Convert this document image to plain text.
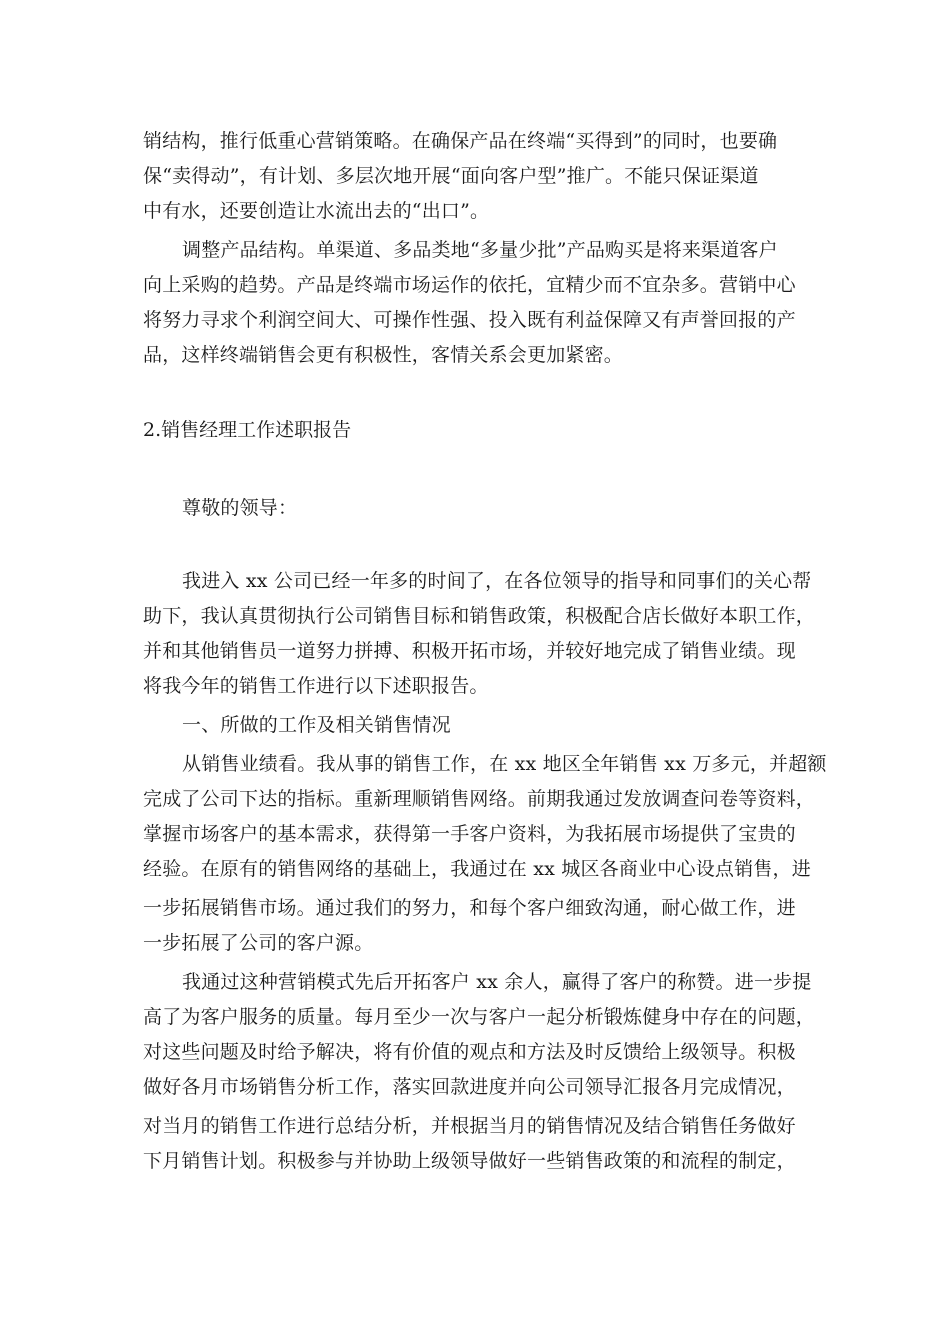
销结构，推行低重心营销策略。在确保产品在终端“买得到”的同时，也要确
保“卖得动”，有计划、多层次地开展“面向客户型”推广。不能只保证渠道
中有水，还要创造让水流出去的“出口”。
调整产品结构。单渠道、多品类地“多量少批”产品购买是将来渠道客户
向上采购的趋势。产品是终端市场运作的依托，宜精少而不宜杂多。营销中心
将努力寻求个利润空间大、可操作性强、投入既有利益保障又有声誉回报的产
品，这样终端销售会更有积极性，客情关系会更加紧密。
2.销售经理工作述职报告
尊敬的领导：
我进入 xx 公司已经一年多的时间了，在各位领导的指导和同事们的关心帮
助下，我认真贯彻执行公司销售目标和销售政策，积极配合店长做好本职工作，
并和其他销售员一道努力拼搏、积极开拓市场，并较好地完成了销售业绩。现
将我今年的销售工作进行以下述职报告。
一、所做的工作及相关销售情况
从销售业绩看。我从事的销售工作，在 xx 地区全年销售 xx 万多元，并超额
完成了公司下达的指标。重新理顺销售网络。前期我通过发放调查问卷等资料，
掌握市场客户的基本需求，获得第一手客户资料，为我拓展市场提供了宝贵的
经验。在原有的销售网络的基础上，我通过在 xx 城区各商业中心设点销售，进
一步拓展销售市场。通过我们的努力，和每个客户细致沟通，耐心做工作，进
一步拓展了公司的客户源。
我通过这种营销模式先后开拓客户 xx 余人，赢得了客户的称赞。进一步提
高了为客户服务的质量。每月至少一次与客户一起分析锻炼健身中存在的问题，
对这些问题及时给予解决，将有价值的观点和方法及时反馈给上级领导。积极
做好各月市场销售分析工作，落实回款进度并向公司领导汇报各月完成情况，
对当月的销售工作进行总结分析，并根据当月的销售情况及结合销售任务做好
下月销售计划。积极参与并协助上级领导做好一些销售政策的和流程的制定，
